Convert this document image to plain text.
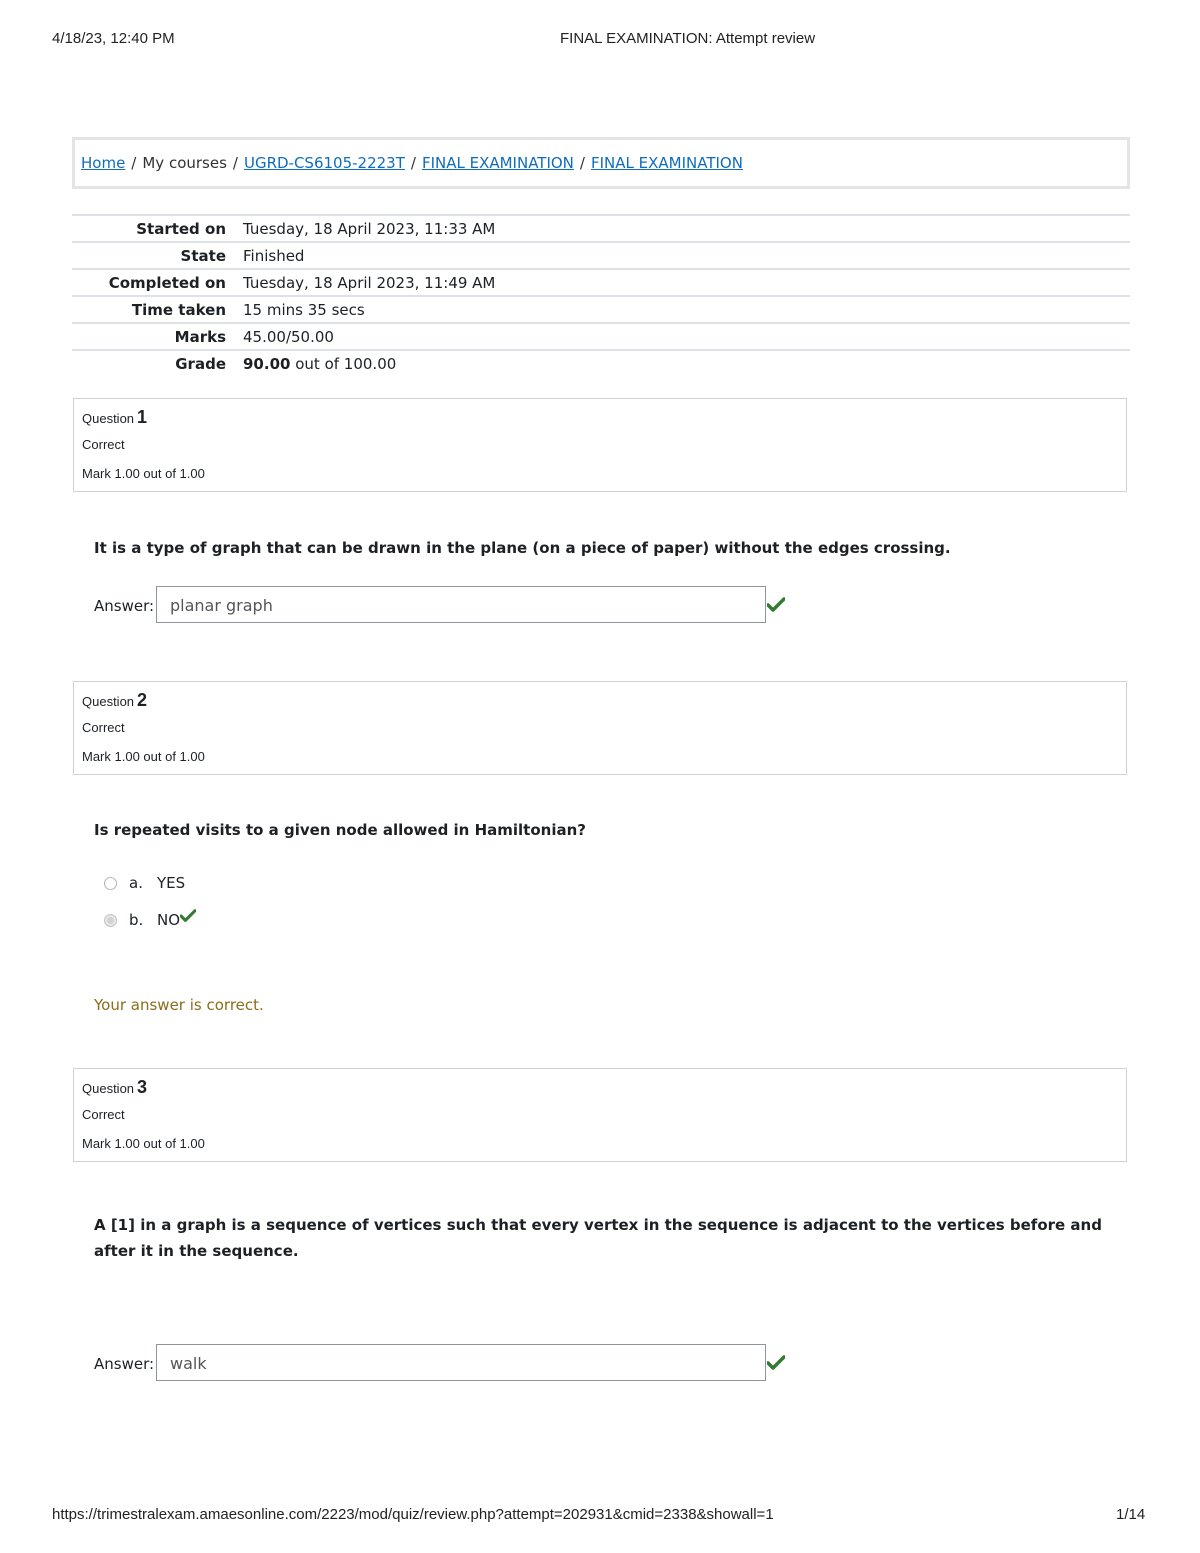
4/18/23, 12:40 PM	FINAL EXAMINATION: Attempt review
Home / My courses / UGRD-CS6105-2223T / FINAL EXAMINATION / FINAL EXAMINATION
Started on	Tuesday, 18 April 2023, 11:33 AM
State	Finished
Completed on	Tuesday, 18 April 2023, 11:49 AM
Time taken	15 mins 35 secs
Marks	45.00/50.00
Grade	90.00 out of 100.00
Question 1
Correct
Mark 1.00 out of 1.00
It is a type of graph that can be drawn in the plane (on a piece of paper) without the edges crossing.
Answer: planar graph
Question 2
Correct
Mark 1.00 out of 1.00
Is repeated visits to a given node allowed in Hamiltonian?
a. YES
b. NO
Your answer is correct.
Question 3
Correct
Mark 1.00 out of 1.00
A [1] in a graph is a sequence of vertices such that every vertex in the sequence is adjacent to the vertices before and after it in the sequence.
Answer: walk
https://trimestralexam.amaesonline.com/2223/mod/quiz/review.php?attempt=202931&cmid=2338&showall=1	1/14
